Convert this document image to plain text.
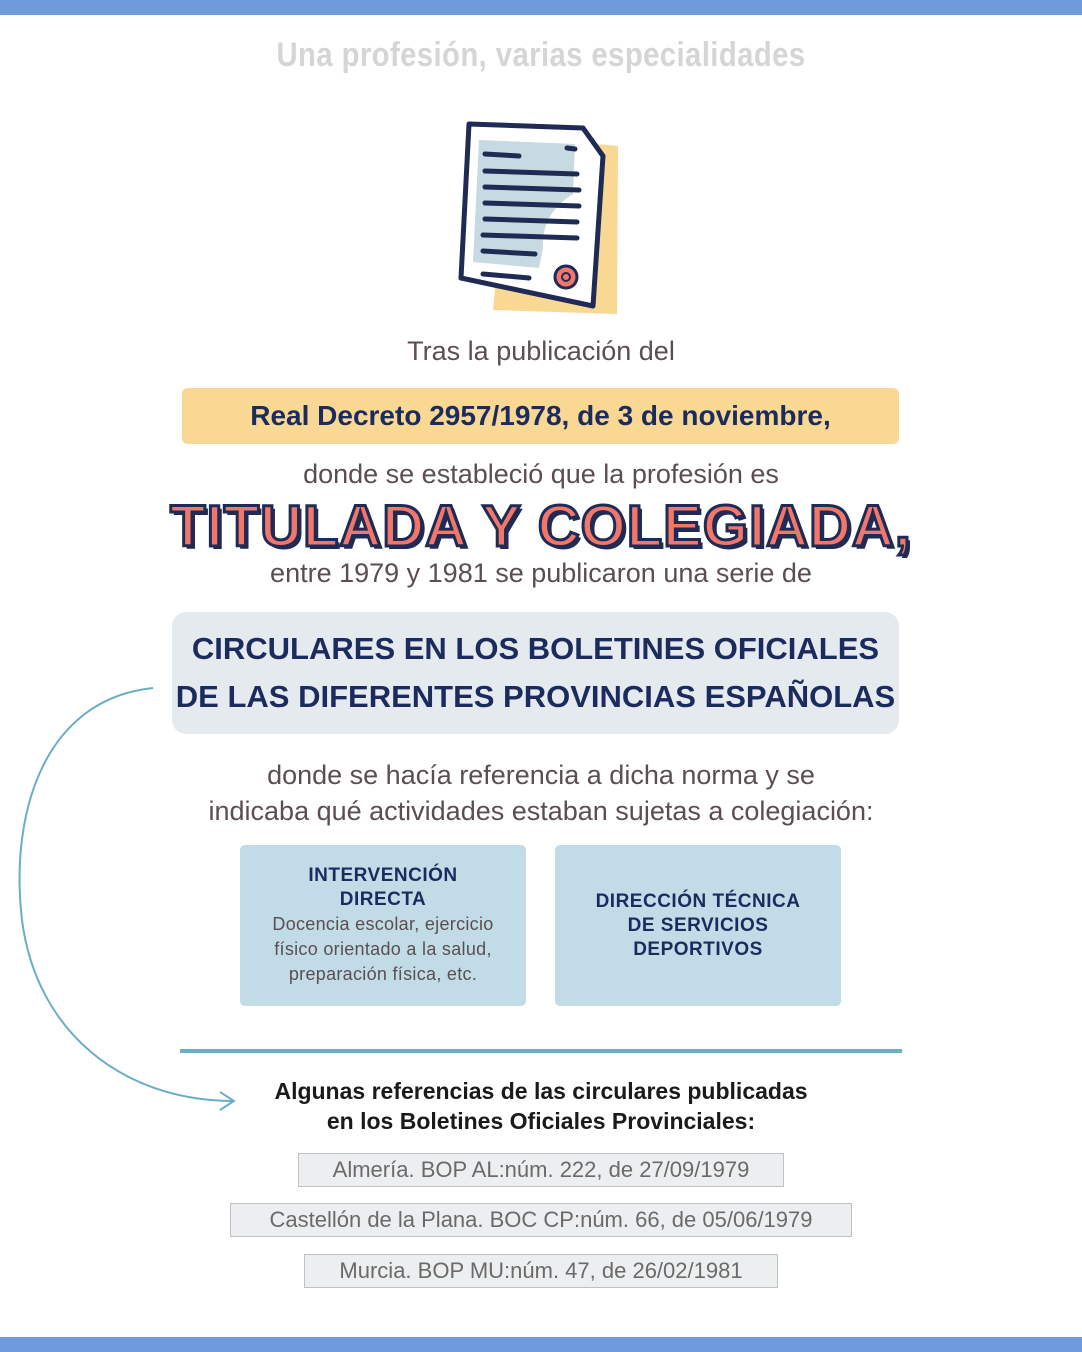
Una profesión, varias especialidades
Tras la publicación del
Real Decreto 2957/1978, de 3 de noviembre,
donde se estableció que la profesión es
TITULADA Y COLEGIADA,
entre 1979 y 1981 se publicaron una serie de
CIRCULARES EN LOS BOLETINES OFICIALES
DE LAS DIFERENTES PROVINCIAS ESPAÑOLAS
donde se hacía referencia a dicha norma y se
indicaba qué actividades estaban sujetas a colegiación:
INTERVENCIÓN
DIRECTA
Docencia escolar, ejercicio
físico orientado a la salud,
preparación física, etc.
DIRECCIÓN TÉCNICA
DE SERVICIOS
DEPORTIVOS
Algunas referencias de las circulares publicadas
en los Boletines Oficiales Provinciales:
Almería. BOP AL:núm. 222, de 27/09/1979
Castellón de la Plana. BOC CP:núm. 66, de 05/06/1979
Murcia. BOP MU:núm. 47, de 26/02/1981
